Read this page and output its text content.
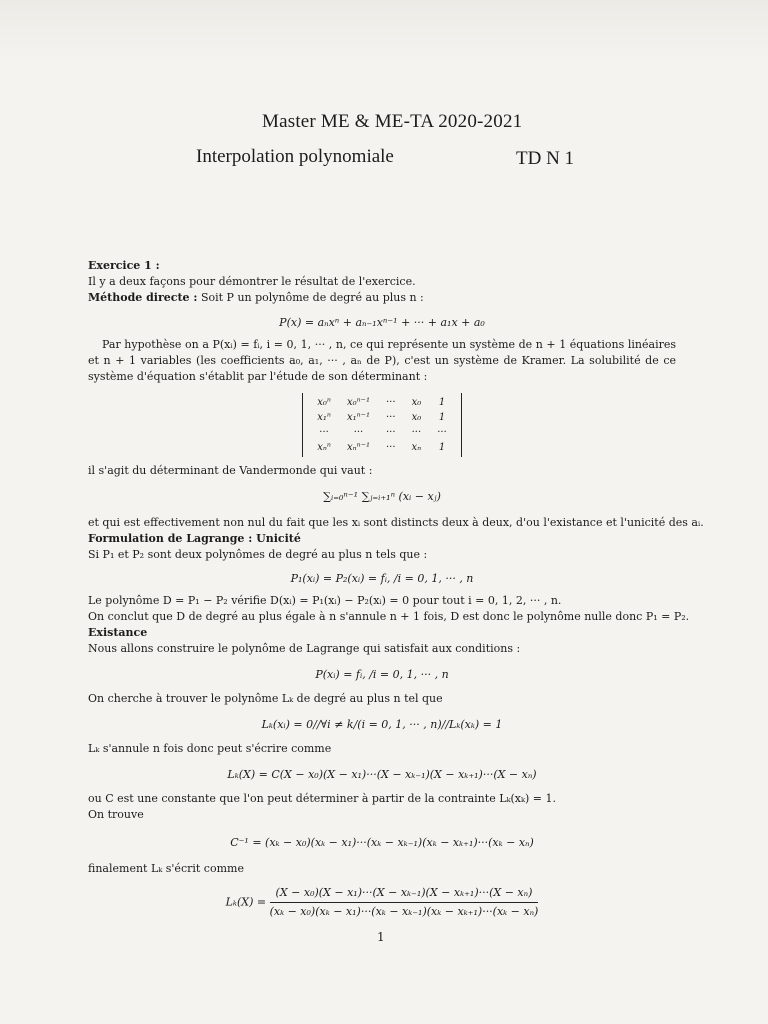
Master ME & ME-TA 2020-2021
Interpolation polynomiale	TD N 1
Exercice 1 :
Il y a deux façons pour démontrer le résultat de l'exercice.
Méthode directe : Soit P un polynôme de degré au plus n :
P(x) = aₙxⁿ + aₙ₋₁xⁿ⁻¹ + ··· + a₁x + a₀
Par hypothèse on a P(xᵢ) = fᵢ, i = 0, 1, ··· , n, ce qui représente un système de n + 1 équations linéaires et n + 1 variables (les coefficients a₀, a₁, ··· , aₙ de P), c'est un système de Kramer. La solubilité de ce système d'équation s'établit par l'étude de son déterminant :
x₀ⁿ	x₀ⁿ⁻¹	···	x₀	1
x₁ⁿ	x₁ⁿ⁻¹	···	x₀	1
···	···	···	···	···
xₙⁿ	xₙⁿ⁻¹	···	xₙ	1
il s'agit du déterminant de Vandermonde qui vaut :
∑ᵢ₌₀ⁿ⁻¹ ∑ⱼ₌ᵢ₊₁ⁿ (xᵢ − xⱼ)
et qui est effectivement non nul du fait que les xᵢ sont distincts deux à deux, d'ou l'existance et l'unicité des aᵢ.
Formulation de Lagrange : Unicité
Si P₁ et P₂ sont deux polynômes de degré au plus n tels que :
P₁(xᵢ) = P₂(xᵢ) = fᵢ, /i = 0, 1, ··· , n
Le polynôme D = P₁ − P₂ vérifie D(xᵢ) = P₁(xᵢ) − P₂(xᵢ) = 0 pour tout i = 0, 1, 2, ··· , n.
On conclut que D de degré au plus égale à n s'annule n + 1 fois, D est donc le polynôme nulle donc P₁ = P₂.
Existance
Nous allons construire le polynôme de Lagrange qui satisfait aux conditions :
P(xᵢ) = fᵢ, /i = 0, 1, ··· , n
On cherche à trouver le polynôme Lₖ de degré au plus n tel que
Lₖ(xᵢ) = 0//∀i ≠ k/(i = 0, 1, ··· , n)//Lₖ(xₖ) = 1
Lₖ s'annule n fois donc peut s'écrire comme
Lₖ(X) = C(X − x₀)(X − x₁)···(X − xₖ₋₁)(X − xₖ₊₁)···(X − xₙ)
ou C est une constante que l'on peut déterminer à partir de la contrainte Lₖ(xₖ) = 1.
On trouve
C⁻¹ = (xₖ − x₀)(xₖ − x₁)···(xₖ − xₖ₋₁)(xₖ − xₖ₊₁)···(xₖ − xₙ)
finalement Lₖ s'écrit comme
$L_k(X) = \frac{\text{(X − x₀)(X − x₁)···(X − xₖ₋₁)(X − xₖ₊₁)···(X − xₙ)}}{\text{(xₖ − x₀)(xₖ − x₁)···(xₖ − xₖ₋₁)(xₖ − xₖ₊₁)···(xₖ − xₙ)}}$
1
